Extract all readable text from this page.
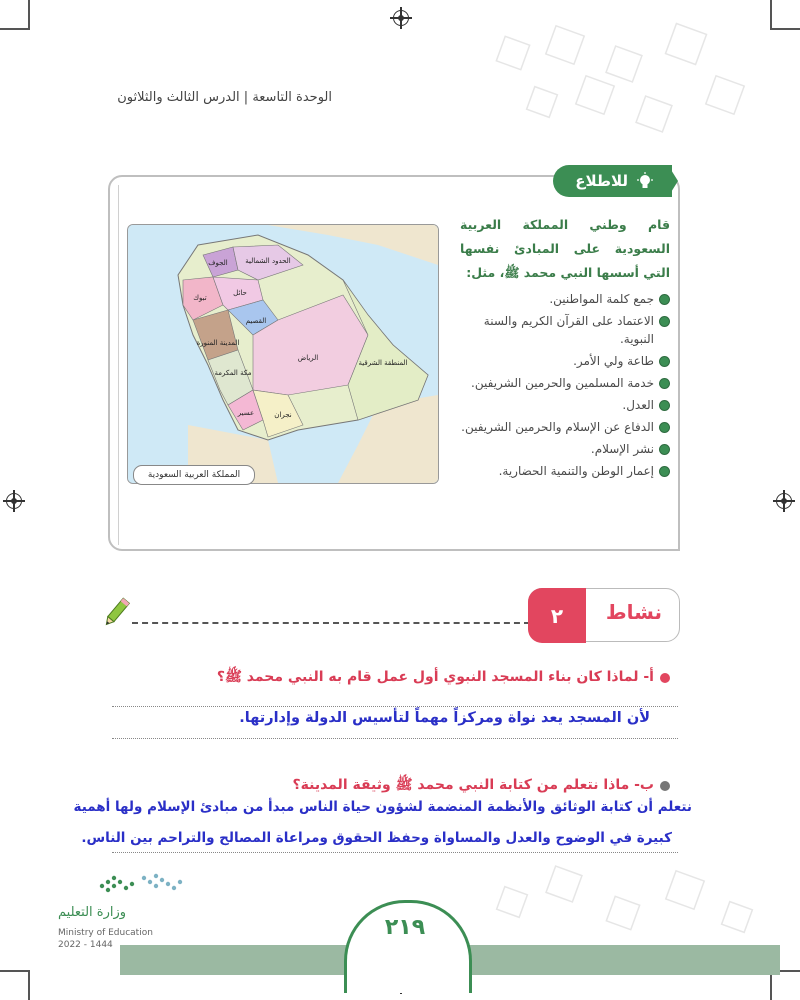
الوحدة التاسعة | الدرس الثالث والثلاثون
للاطلاع
قام وطني المملكة العربية السعودية على المبادئ نفسها التي أسسها النبي محمد ﷺ، مثل:
جمع كلمة المواطنين.
الاعتماد على القرآن الكريم والسنة النبوية.
طاعة ولي الأمر.
خدمة المسلمين والحرمين الشريفين.
العدل.
الدفاع عن الإسلام والحرمين الشريفين.
نشر الإسلام.
إعمار الوطن والتنمية الحضارية.
الجوف	الحدود الشمالية
تبوك
حائل
القصيم
المدينة المنورة
مكة المكرمة
الرياض
المنطقة الشرقية
عسير	نجران
المملكة العربية السعودية
٢	نشاط
أ- لماذا كان بناء المسجد النبوي أول عمل قام به النبي محمد ﷺ؟
لأن المسجد يعد نواة ومركزاً مهماً لتأسيس الدولة وإدارتها.
ب- ماذا نتعلم من كتابة النبي محمد ﷺ وثيقة المدينة؟
نتعلم أن كتابة الوثائق والأنظمة المنضمة لشؤون حياة الناس مبدأ من مبادئ الإسلام ولها أهمية
كبيرة في الوضوح والعدل والمساواة وحفظ الحقوق ومراعاة المصالح والتراحم بين الناس.
٢١٩
وزارة التعليم
Ministry of Education
2022 - 1444
